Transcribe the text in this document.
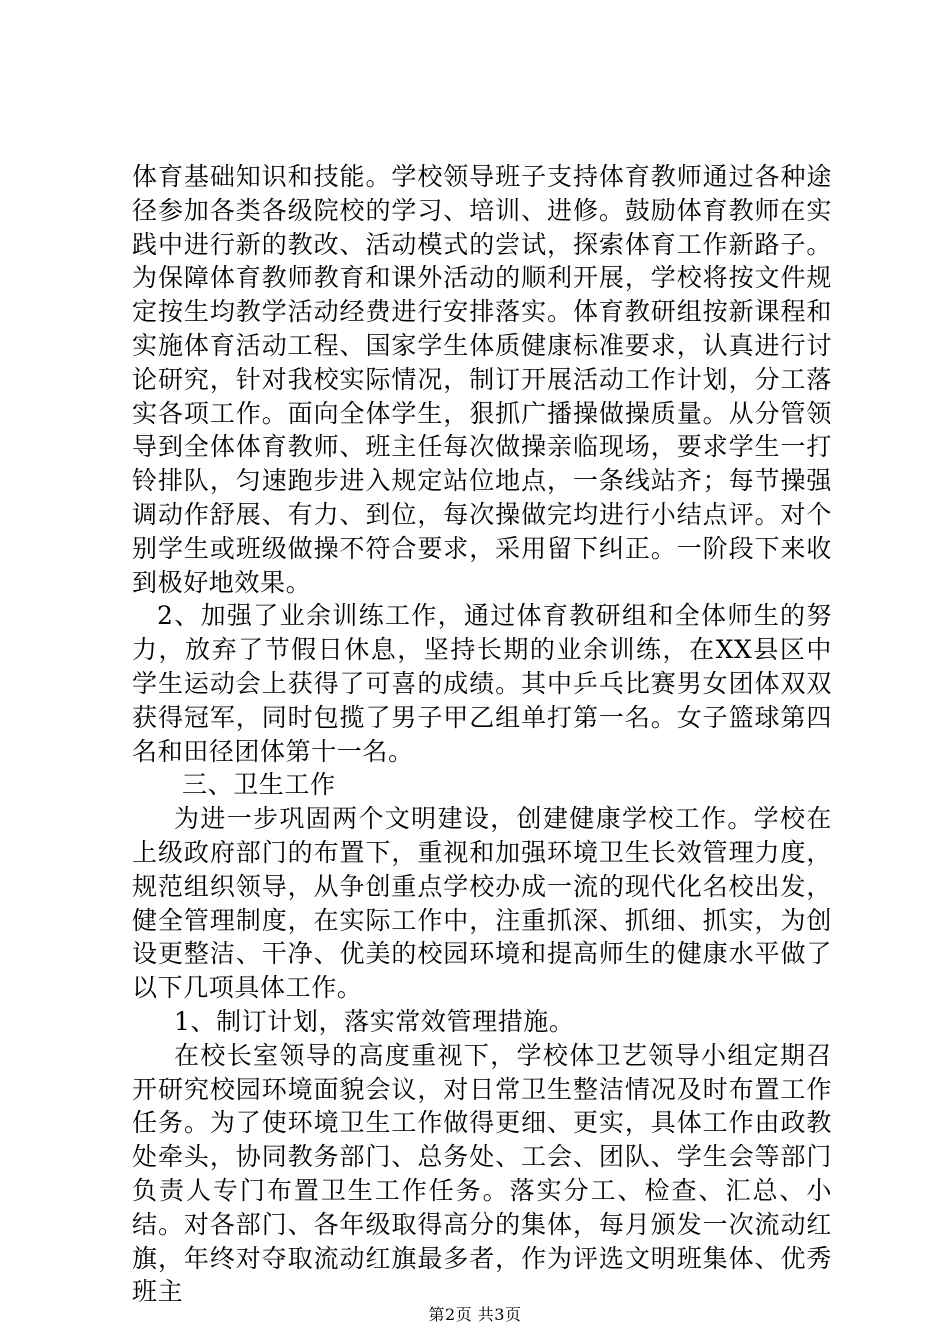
体育基础知识和技能。学校领导班子支持体育教师通过各种途径参加各类各级院校的学习、培训、进修。鼓励体育教师在实践中进行新的教改、活动模式的尝试，探索体育工作新路子。为保障体育教师教育和课外活动的顺利开展，学校将按文件规定按生均教学活动经费进行安排落实。体育教研组按新课程和实施体育活动工程、国家学生体质健康标准要求，认真进行讨论研究，针对我校实际情况，制订开展活动工作计划，分工落实各项工作。面向全体学生，狠抓广播操做操质量。从分管领导到全体体育教师、班主任每次做操亲临现场，要求学生一打铃排队，匀速跑步进入规定站位地点，一条线站齐；每节操强调动作舒展、有力、到位，每次操做完均进行小结点评。对个别学生或班级做操不符合要求，采用留下纠正。一阶段下来收到极好地效果。

2、加强了业余训练工作，通过体育教研组和全体师生的努力，放弃了节假日休息，坚持长期的业余训练，在XX县区中学生运动会上获得了可喜的成绩。其中乒乓比赛男女团体双双获得冠军，同时包揽了男子甲乙组单打第一名。女子篮球第四名和田径团体第十一名。

三、卫生工作

为进一步巩固两个文明建设，创建健康学校工作。学校在上级政府部门的布置下，重视和加强环境卫生长效管理力度，规范组织领导，从争创重点学校办成一流的现代化名校出发，健全管理制度，在实际工作中，注重抓深、抓细、抓实，为创设更整洁、干净、优美的校园环境和提高师生的健康水平做了以下几项具体工作。

1、制订计划，落实常效管理措施。

在校长室领导的高度重视下，学校体卫艺领导小组定期召开研究校园环境面貌会议，对日常卫生整洁情况及时布置工作任务。为了使环境卫生工作做得更细、更实，具体工作由政教处牵头，协同教务部门、总务处、工会、团队、学生会等部门负责人专门布置卫生工作任务。落实分工、检查、汇总、小结。对各部门、各年级取得高分的集体，每月颁发一次流动红旗，年终对夺取流动红旗最多者，作为评选文明班集体、优秀班主

第2页 共3页
